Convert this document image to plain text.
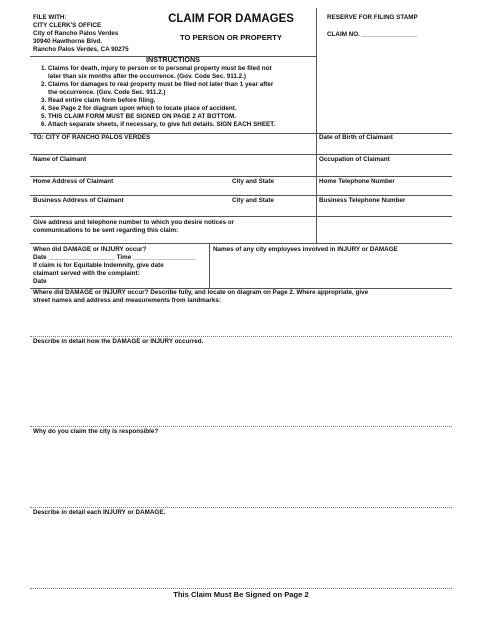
FILE WITH:
CITY CLERK'S OFFICE
City of Rancho Palos Verdes
30940 Hawthorne Blvd.
Rancho Palos Verdes, CA 90275
CLAIM FOR DAMAGES
TO PERSON OR PROPERTY
RESERVE FOR FILING STAMP
CLAIM NO. ________________
INSTRUCTIONS
1. Claims for death, injury to person or to personal property must be filed not
later than six months after the occurrence. (Gov. Code Sec. 911.2.)
2. Claims for damages to real property must be filed not later than 1 year after
the occurrence. (Gov. Code Sec. 911.2.)
3. Read entire claim form before filing.
4. See Page 2 for diagram upon which to locate place of accident.
5. THIS CLAIM FORM MUST BE SIGNED ON PAGE 2 AT BOTTOM.
6. Attach separate sheets, if necessary, to give full details. SIGN EACH SHEET.
TO: CITY OF RANCHO PALOS VERDES	Date of Birth of Claimant
Name of Claimant	Occupation of Claimant
Home Address of Claimant	City and State	Home Telephone Number
Business Address of Claimant	City and State	Business Telephone Number
Give address and telephone number to which you desire notices or
communications to be sent regarding this claim:
When did DAMAGE or INJURY occur?
Date ___________________ Time __________________
If claim is for Equitable Indemnity, give date
claimant served with the complaint:
Date
Names of any city employees involved in INJURY or DAMAGE
Where did DAMAGE or INJURY occur? Describe fully, and locate on diagram on Page 2. Where appropriate, give
street names and address and measurements from landmarks:
Describe in detail how the DAMAGE or INJURY occurred.
Why do you claim the city is responsible?
Describe in detail each INJURY or DAMAGE.
This Claim Must Be Signed on Page 2
